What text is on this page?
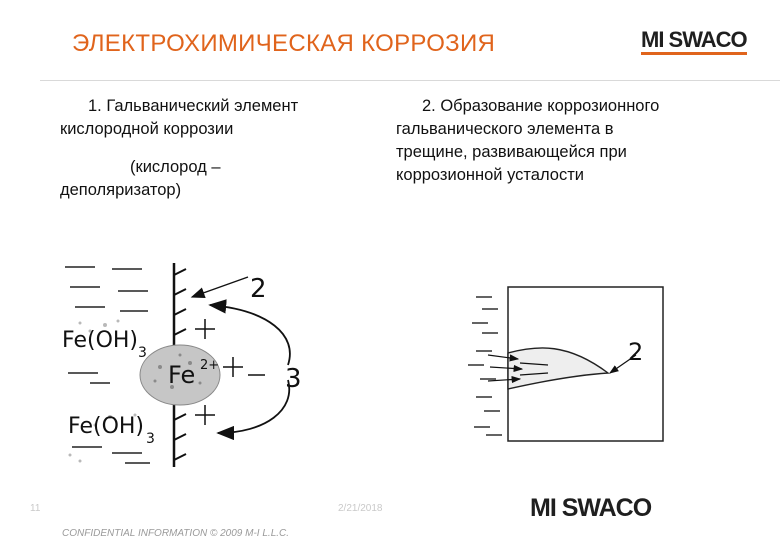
ЭЛЕКТРОХИМИЧЕСКАЯ КОРРОЗИЯ	MI SWACO
1. Гальванический элемент
кислородной коррозии
(кислород –
деполяризатор)
2. Образование коррозионного
гальванического элемента в
трещине, развивающейся при
коррозионной усталости
2
3
Fe(OH) 3
Fe 2+
Fe(OH) 3
2
11	2/21/2018	MI SWACO
CONFIDENTIAL INFORMATION © 2009 M-I L.L.C.
